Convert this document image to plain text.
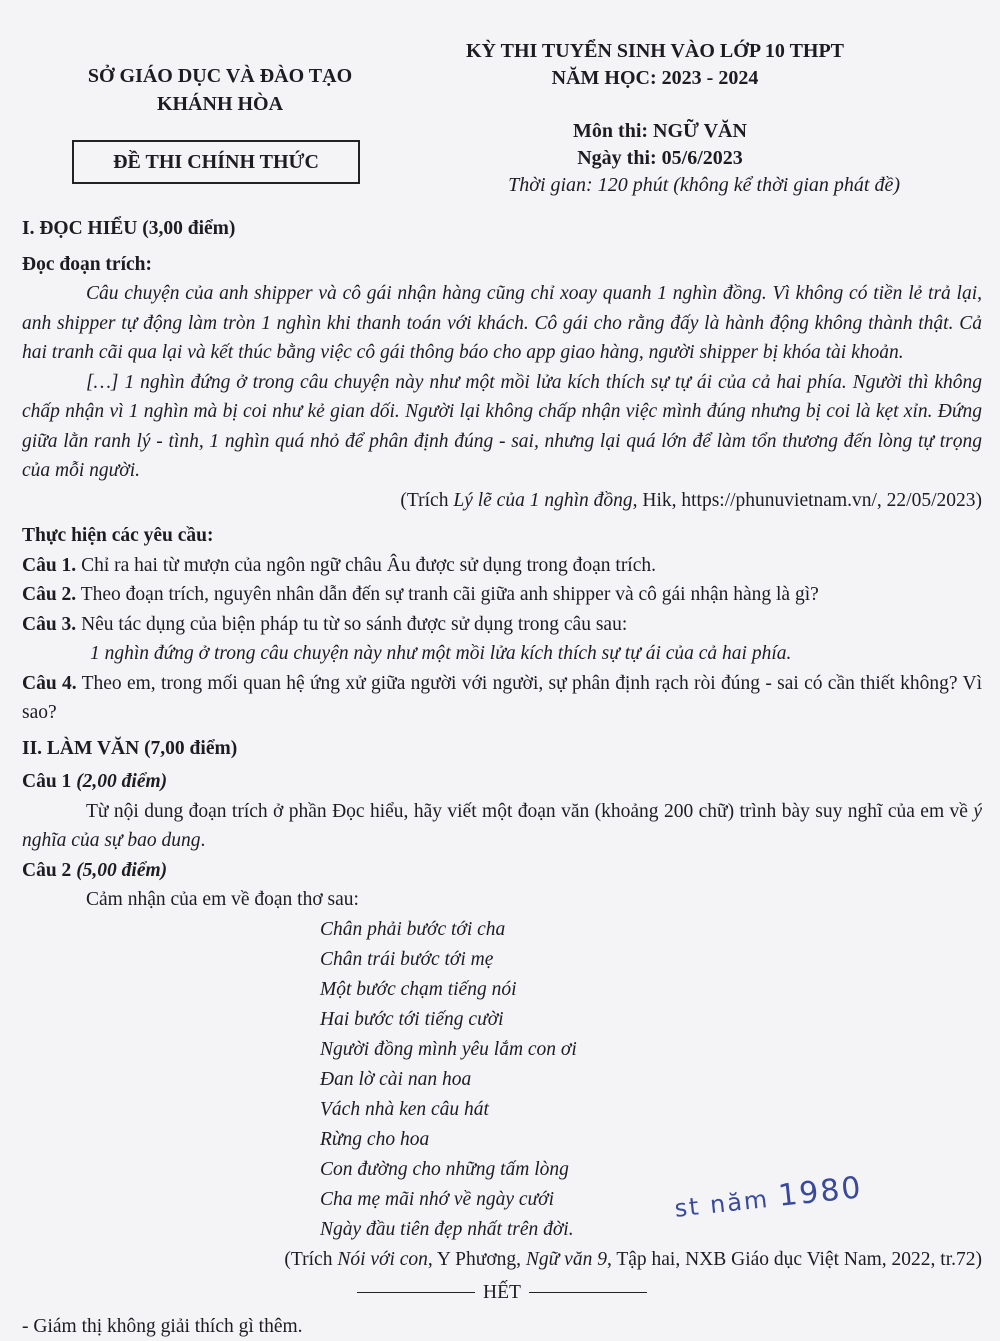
SỞ GIÁO DỤC VÀ ĐÀO TẠO
KHÁNH HÒA
KỲ THI TUYỂN SINH VÀO LỚP 10 THPT
NĂM HỌC: 2023 - 2024
ĐỀ THI CHÍNH THỨC
Môn thi: NGỮ VĂN
Ngày thi: 05/6/2023
Thời gian: 120 phút (không kể thời gian phát đề)
I. ĐỌC HIỂU (3,00 điểm)
Đọc đoạn trích:
Câu chuyện của anh shipper và cô gái nhận hàng cũng chỉ xoay quanh 1 nghìn đồng. Vì không có tiền lẻ trả lại, anh shipper tự động làm tròn 1 nghìn khi thanh toán với khách. Cô gái cho rằng đấy là hành động không thành thật. Cả hai tranh cãi qua lại và kết thúc bằng việc cô gái thông báo cho app giao hàng, người shipper bị khóa tài khoản.
[…] 1 nghìn đứng ở trong câu chuyện này như một mồi lửa kích thích sự tự ái của cả hai phía. Người thì không chấp nhận vì 1 nghìn mà bị coi như kẻ gian dối. Người lại không chấp nhận việc mình đúng nhưng bị coi là kẹt xỉn. Đứng giữa lằn ranh lý - tình, 1 nghìn quá nhỏ để phân định đúng - sai, nhưng lại quá lớn để làm tổn thương đến lòng tự trọng của mỗi người.
(Trích Lý lẽ của 1 nghìn đồng, Hik, https://phunuvietnam.vn/, 22/05/2023)
Thực hiện các yêu cầu:
Câu 1. Chỉ ra hai từ mượn của ngôn ngữ châu Âu được sử dụng trong đoạn trích.
Câu 2. Theo đoạn trích, nguyên nhân dẫn đến sự tranh cãi giữa anh shipper và cô gái nhận hàng là gì?
Câu 3. Nêu tác dụng của biện pháp tu từ so sánh được sử dụng trong câu sau:
1 nghìn đứng ở trong câu chuyện này như một mồi lửa kích thích sự tự ái của cả hai phía.
Câu 4. Theo em, trong mối quan hệ ứng xử giữa người với người, sự phân định rạch ròi đúng - sai có cần thiết không? Vì sao?
II. LÀM VĂN (7,00 điểm)
Câu 1 (2,00 điểm)
Từ nội dung đoạn trích ở phần Đọc hiểu, hãy viết một đoạn văn (khoảng 200 chữ) trình bày suy nghĩ của em về ý nghĩa của sự bao dung.
Câu 2 (5,00 điểm)
Cảm nhận của em về đoạn thơ sau:
Chân phải bước tới cha
Chân trái bước tới mẹ
Một bước chạm tiếng nói
Hai bước tới tiếng cười
Người đồng mình yêu lắm con ơi
Đan lờ cài nan hoa
Vách nhà ken câu hát
Rừng cho hoa
Con đường cho những tấm lòng
Cha mẹ mãi nhớ về ngày cưới
Ngày đầu tiên đẹp nhất trên đời.
(Trích Nói với con, Y Phương, Ngữ văn 9, Tập hai, NXB Giáo dục Việt Nam, 2022, tr.72)
HẾT
- Giám thị không giải thích gì thêm.
st năm 1980
